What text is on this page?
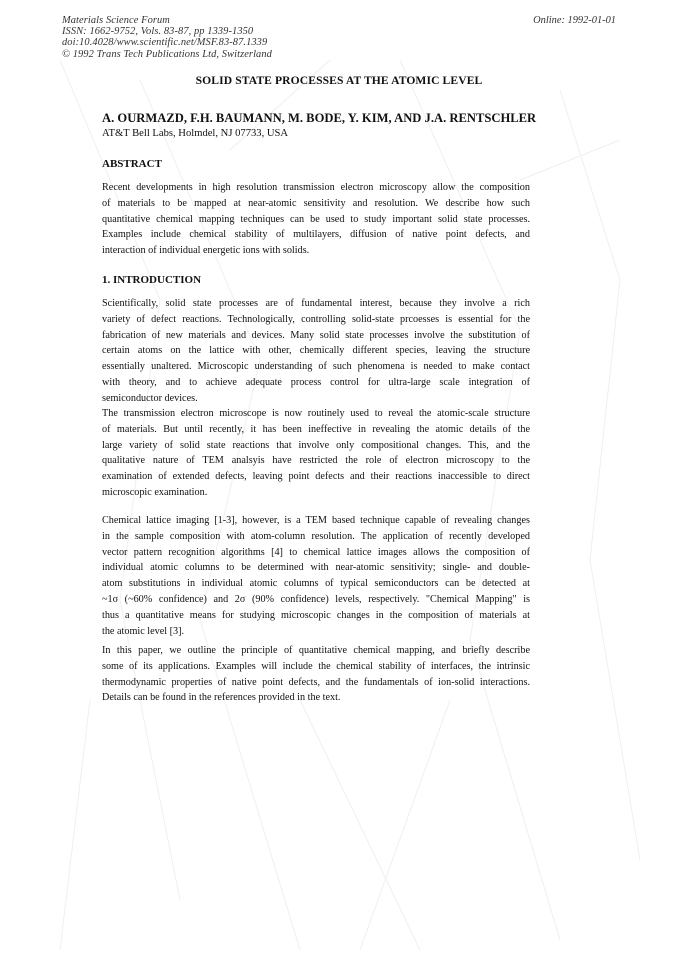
Materials Science Forum
ISSN: 1662-9752, Vols. 83-87, pp 1339-1350
doi:10.4028/www.scientific.net/MSF.83-87.1339
© 1992 Trans Tech Publications Ltd, Switzerland
Online: 1992-01-01
SOLID STATE PROCESSES AT THE ATOMIC LEVEL
A. OURMAZD, F.H. BAUMANN, M. BODE, Y. KIM, AND J.A. RENTSCHLER
AT&T Bell Labs, Holmdel, NJ 07733, USA
ABSTRACT
Recent developments in high resolution transmission electron microscopy allow the composition
of materials to be mapped at near-atomic sensitivity and resolution. We describe how such
quantitative chemical mapping techniques can be used to study important solid state processes.
Examples include chemical stability of multilayers, diffusion of native point defects, and
interaction of individual energetic ions with solids.
1. INTRODUCTION
Scientifically, solid state processes are of fundamental interest, because they involve a rich
variety of defect reactions. Technologically, controlling solid-state prcoesses is essential for the
fabrication of new materials and devices. Many solid state processes involve the substitution of
certain atoms on the lattice with other, chemically different species, leaving the structure
essentially unaltered. Microscopic understanding of such phenomena is needed to make contact
with theory, and to achieve adequate process control for ultra-large scale integration of
semiconductor devices.
The transmission electron microscope is now routinely used to reveal the atomic-scale structure
of materials. But until recently, it has been ineffective in revealing the atomic details of the
large variety of solid state reactions that involve only compositional changes. This, and the
qualitative nature of TEM analsyis have restricted the role of electron microscopy to the
examination of extended defects, leaving point defects and their reactions inaccessible to direct
microscopic examination.
Chemical lattice imaging [1-3], however, is a TEM based technique capable of revealing changes
in the sample composition with atom-column resolution. The application of recently developed
vector pattern recognition algorithms [4] to chemical lattice images allows the composition of
individual atomic columns to be determined with near-atomic sensitivity; single- and double-
atom substitutions in individual atomic columns of typical semiconductors can be detected at
~1σ (~60% confidence) and 2σ (90% confidence) levels, respectively. "Chemical Mapping" is
thus a quantitative means for studying microscopic changes in the composition of materials at
the atomic level [3].
In this paper, we outline the principle of quantitative chemical mapping, and briefly describe
some of its applications. Examples will include the chemical stability of interfaces, the intrinsic
thermodynamic properties of native point defects, and the fundamentals of ion-solid interactions.
Details can be found in the references provided in the text.
